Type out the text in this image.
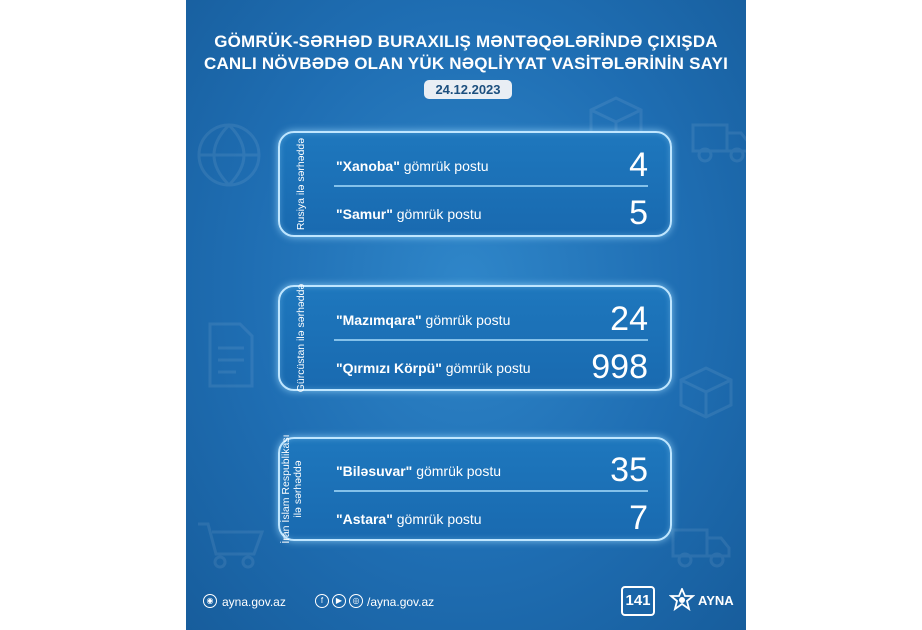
GÖMRÜK-SƏRHƏD BURAXILIŞ MƏNTƏQƏLƏRİNDƏ ÇIXIŞDA
CANLI NÖVBƏDƏ OLAN YÜK NƏQLİYYAT VASİTƏLƏRİNİN SAYI
24.12.2023
Rusiya ilə sərhəddə "Xanoba" gömrük postu	4
"Samur" gömrük postu	5
Gürcüstan ilə sərhəddə "Mazımqara" gömrük postu	24
"Qırmızı Körpü" gömrük postu 998
İran İslam Respublikası ilə sərhəddə "Biləsuvar" gömrük postu	35
"Astara" gömrük postu	7
◉ ayna.gov.az	f	▶	◎ /ayna.gov.az	141	AYNA
